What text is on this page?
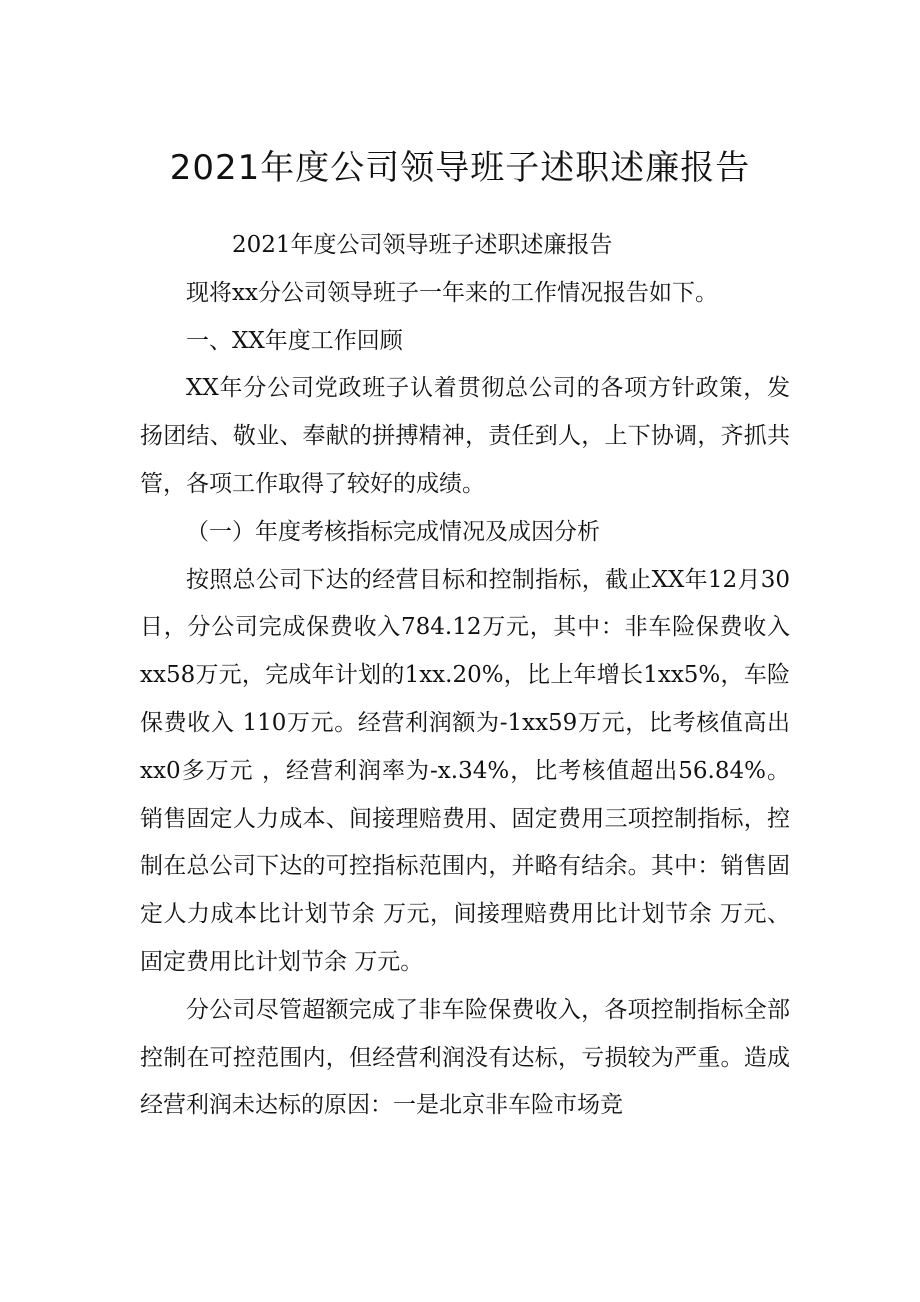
2021年度公司领导班子述职述廉报告

2021年度公司领导班子述职述廉报告

现将xx分公司领导班子一年来的工作情况报告如下。

一、XX年度工作回顾

XX年分公司党政班子认着贯彻总公司的各项方针政策，发扬团结、敬业、奉献的拼搏精神，责任到人，上下协调，齐抓共管，各项工作取得了较好的成绩。

（一）年度考核指标完成情况及成因分析

按照总公司下达的经营目标和控制指标，截止XX年12月30日，分公司完成保费收入784.12万元，其中：非车险保费收入 xx58万元，完成年计划的1xx.20%，比上年增长1xx5%，车险保费收入 110万元。经营利润额为-1xx59万元，比考核值高出xx0多万元 ，经营利润率为-x.34%，比考核值超出56.84%。销售固定人力成本、间接理赔费用、固定费用三项控制指标，控制在总公司下达的可控指标范围内，并略有结余。其中：销售固定人力成本比计划节余 万元，间接理赔费用比计划节余 万元、固定费用比计划节余 万元。

分公司尽管超额完成了非车险保费收入，各项控制指标全部控制在可控范围内，但经营利润没有达标，亏损较为严重。造成经营利润未达标的原因：一是北京非车险市场竞
